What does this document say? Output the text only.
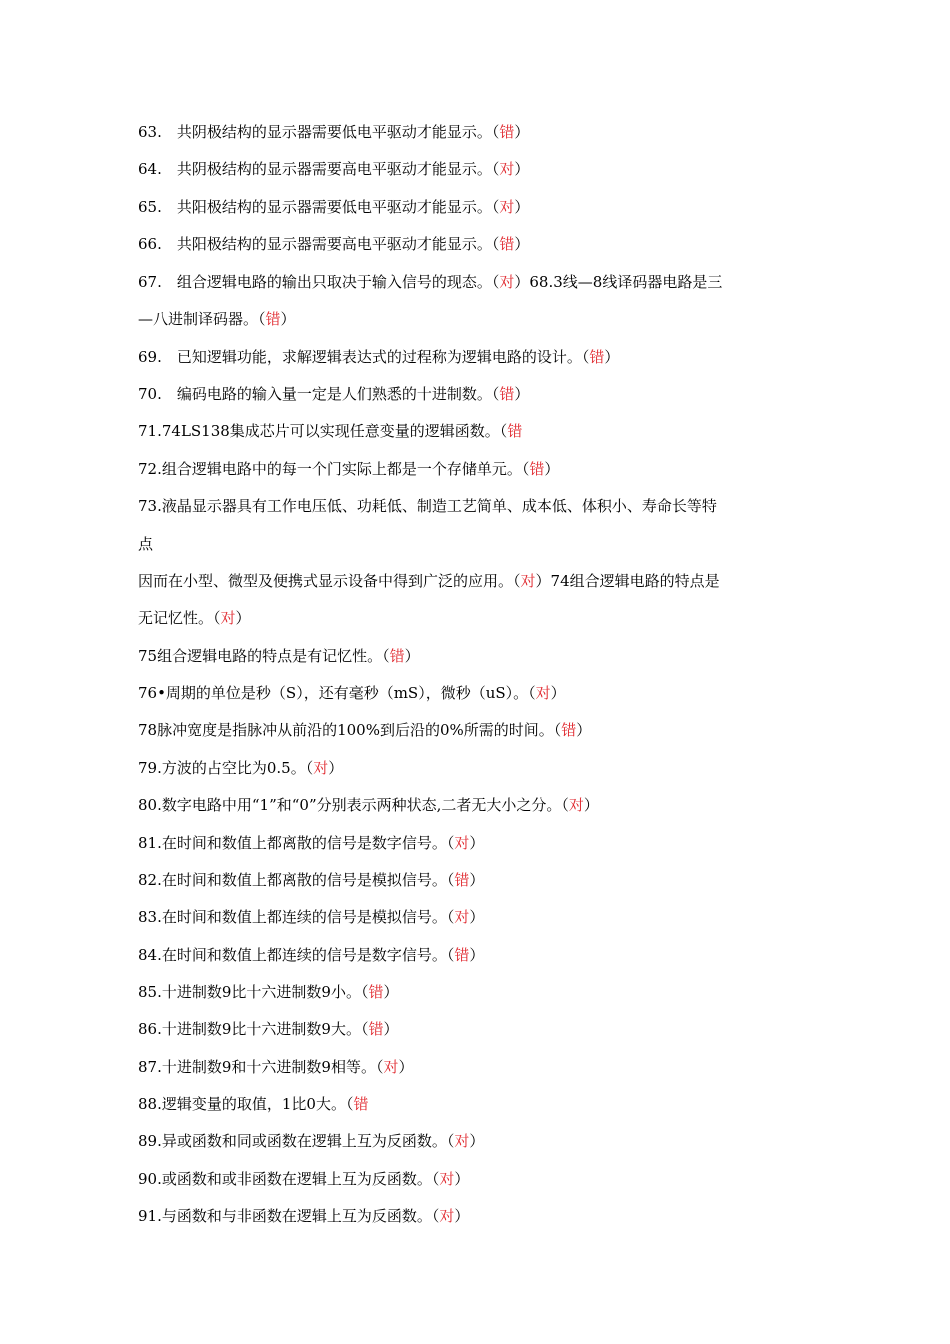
63.　共阴极结构的显示器需要低电平驱动才能显示。（错）
64.　共阴极结构的显示器需要高电平驱动才能显示。（对）
65.　共阳极结构的显示器需要低电平驱动才能显示。（对）
66.　共阳极结构的显示器需要高电平驱动才能显示。（错）
67.　组合逻辑电路的输出只取决于输入信号的现态。（对）68.3线—8线译码器电路是三
—八进制译码器。（错）
69.　已知逻辑功能，求解逻辑表达式的过程称为逻辑电路的设计。（错）
70.　编码电路的输入量一定是人们熟悉的十进制数。（错）
71.74LS138集成芯片可以实现任意变量的逻辑函数。（错
72.组合逻辑电路中的每一个门实际上都是一个存储单元。（错）
73.液晶显示器具有工作电压低、功耗低、制造工艺简单、成本低、体积小、寿命长等特
点
因而在小型、微型及便携式显示设备中得到广泛的应用。（对）74组合逻辑电路的特点是
无记忆性。（对）
75组合逻辑电路的特点是有记忆性。（错）
76•周期的单位是秒（S），还有毫秒（mS），微秒（uS）。（对）
78脉冲宽度是指脉冲从前沿的100%到后沿的0%所需的时间。（错）
79.方波的占空比为0.5。（对）
80.数字电路中用“1”和“0”分别表示两种状态,二者无大小之分。（对）
81.在时间和数值上都离散的信号是数字信号。（对）
82.在时间和数值上都离散的信号是模拟信号。（错）
83.在时间和数值上都连续的信号是模拟信号。（对）
84.在时间和数值上都连续的信号是数字信号。（错）
85.十进制数9比十六进制数9小。（错）
86.十进制数9比十六进制数9大。（错）
87.十进制数9和十六进制数9相等。（对）
88.逻辑变量的取值，1比0大。（错
89.异或函数和同或函数在逻辑上互为反函数。（对）
90.或函数和或非函数在逻辑上互为反函数。（对）
91.与函数和与非函数在逻辑上互为反函数。（对）
